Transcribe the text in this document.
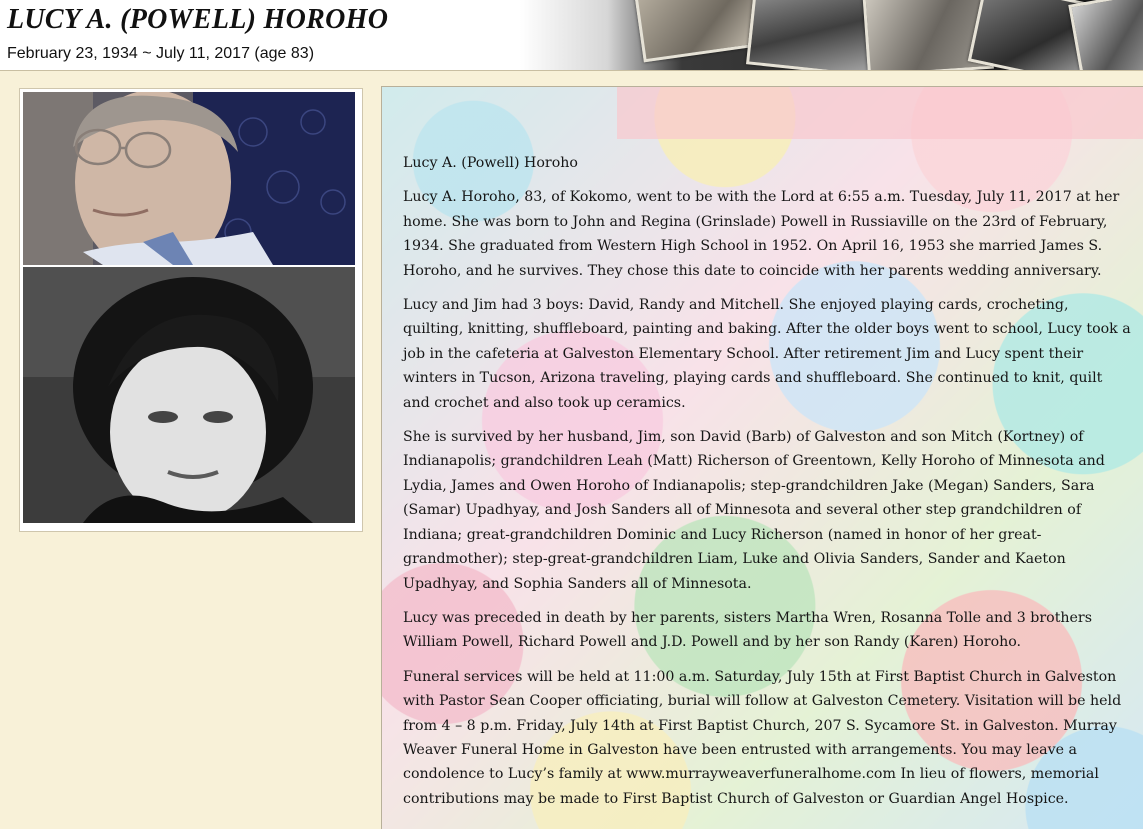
LUCY A. (POWELL) HOROHO
February 23, 1934 ~ July 11, 2017 (age 83)

Lucy A. (Powell) Horoho

Lucy A. Horoho, 83, of Kokomo, went to be with the Lord at 6:55 a.m. Tuesday, July 11, 2017 at her home. She was born to John and Regina (Grinslade) Powell in Russiaville on the 23rd of February, 1934. She graduated from Western High School in 1952. On April 16, 1953 she married James S. Horoho, and he survives. They chose this date to coincide with her parents wedding anniversary.

Lucy and Jim had 3 boys: David, Randy and Mitchell. She enjoyed playing cards, crocheting, quilting, knitting, shuffleboard, painting and baking. After the older boys went to school, Lucy took a job in the cafeteria at Galveston Elementary School. After retirement Jim and Lucy spent their winters in Tucson, Arizona traveling, playing cards and shuffleboard. She continued to knit, quilt and crochet and also took up ceramics.

She is survived by her husband, Jim, son David (Barb) of Galveston and son Mitch (Kortney) of Indianapolis; grandchildren Leah (Matt) Richerson of Greentown, Kelly Horoho of Minnesota and Lydia, James and Owen Horoho of Indianapolis; step-grandchildren Jake (Megan) Sanders, Sara (Samar) Upadhyay, and Josh Sanders all of Minnesota and several other step grandchildren of Indiana; great-grandchildren Dominic and Lucy Richerson (named in honor of her great-grandmother); step-great-grandchildren Liam, Luke and Olivia Sanders, Sander and Kaeton Upadhyay, and Sophia Sanders all of Minnesota.

Lucy was preceded in death by her parents, sisters Martha Wren, Rosanna Tolle and 3 brothers William Powell, Richard Powell and J.D. Powell and by her son Randy (Karen) Horoho.

Funeral services will be held at 11:00 a.m. Saturday, July 15th at First Baptist Church in Galveston with Pastor Sean Cooper officiating, burial will follow at Galveston Cemetery. Visitation will be held from 4 – 8 p.m. Friday, July 14th at First Baptist Church, 207 S. Sycamore St. in Galveston. Murray Weaver Funeral Home in Galveston have been entrusted with arrangements. You may leave a condolence to Lucy’s family at www.murrayweaverfuneralhome.com In lieu of flowers, memorial contributions may be made to First Baptist Church of Galveston or Guardian Angel Hospice.
